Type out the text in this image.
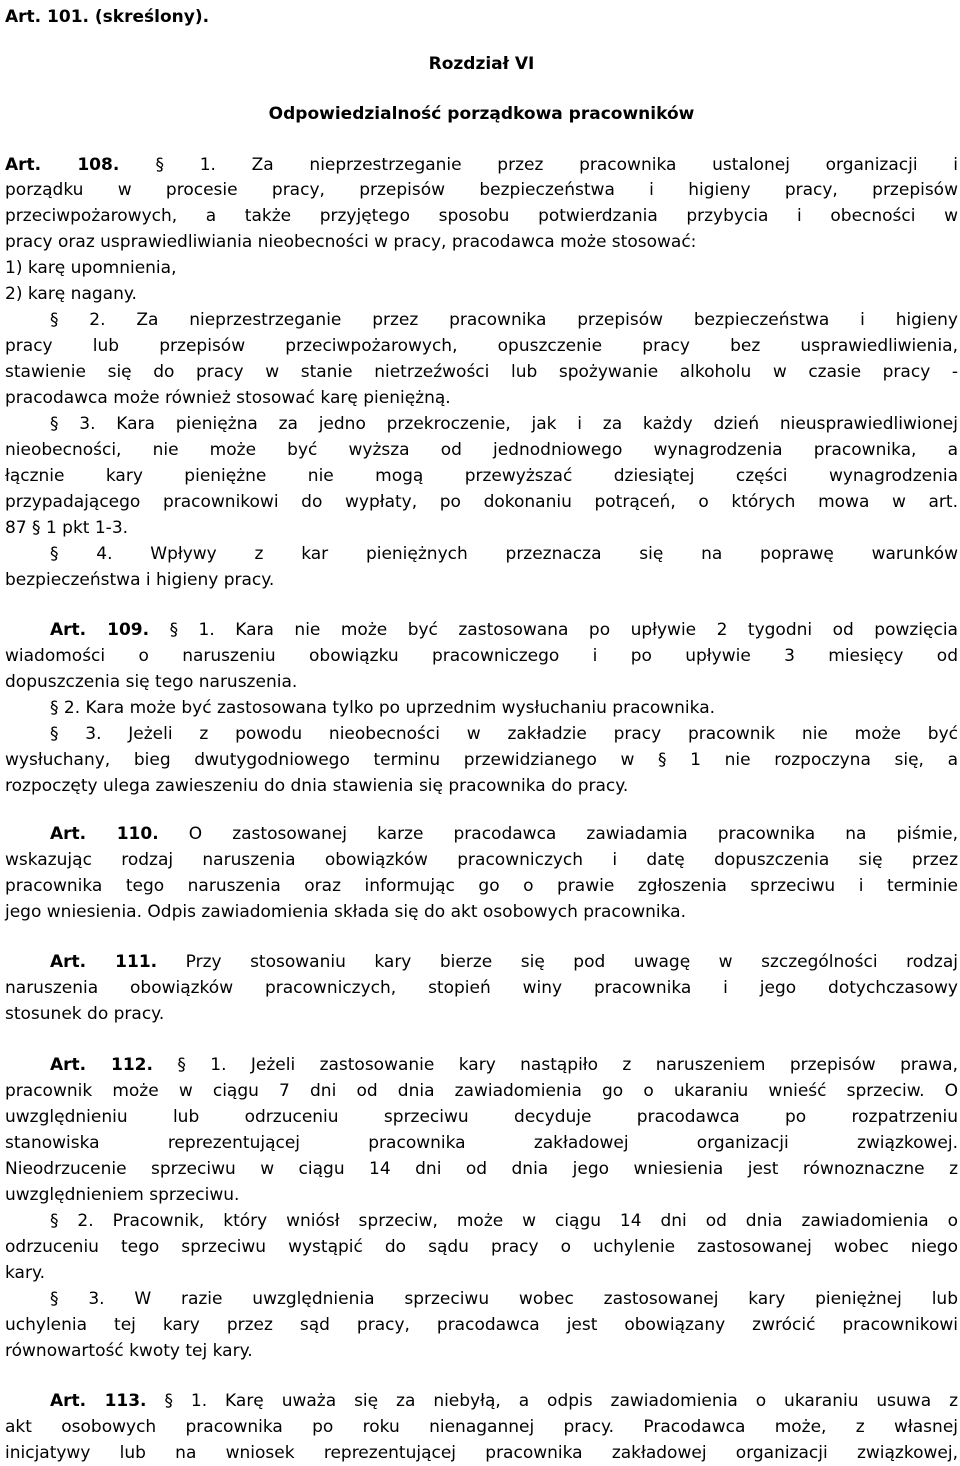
Art. 101. (skreślony).
Rozdział VI
Odpowiedzialność porządkowa pracowników
Art. 108. § 1. Za nieprzestrzeganie przez pracownika ustalonej organizacji i
porządku w procesie pracy, przepisów bezpieczeństwa i higieny pracy, przepisów
przeciwpożarowych, a także przyjętego sposobu potwierdzania przybycia i obecności w
pracy oraz usprawiedliwiania nieobecności w pracy, pracodawca może stosować:
1) karę upomnienia,
2) karę nagany.
§ 2. Za nieprzestrzeganie przez pracownika przepisów bezpieczeństwa i higieny
pracy lub przepisów przeciwpożarowych, opuszczenie pracy bez usprawiedliwienia,
stawienie się do pracy w stanie nietrzeźwości lub spożywanie alkoholu w czasie pracy -
pracodawca może również stosować karę pieniężną.
§ 3. Kara pieniężna za jedno przekroczenie, jak i za każdy dzień nieusprawiedliwionej
nieobecności, nie może być wyższa od jednodniowego wynagrodzenia pracownika, a
łącznie kary pieniężne nie mogą przewyższać dziesiątej części wynagrodzenia
przypadającego pracownikowi do wypłaty, po dokonaniu potrąceń, o których mowa w art.
87 § 1 pkt 1-3.
§ 4. Wpływy z kar pieniężnych przeznacza się na poprawę warunków
bezpieczeństwa i higieny pracy.
Art. 109. § 1. Kara nie może być zastosowana po upływie 2 tygodni od powzięcia
wiadomości o naruszeniu obowiązku pracowniczego i po upływie 3 miesięcy od
dopuszczenia się tego naruszenia.
§ 2. Kara może być zastosowana tylko po uprzednim wysłuchaniu pracownika.
§ 3. Jeżeli z powodu nieobecności w zakładzie pracy pracownik nie może być
wysłuchany, bieg dwutygodniowego terminu przewidzianego w § 1 nie rozpoczyna się, a
rozpoczęty ulega zawieszeniu do dnia stawienia się pracownika do pracy.
Art. 110. O zastosowanej karze pracodawca zawiadamia pracownika na piśmie,
wskazując rodzaj naruszenia obowiązków pracowniczych i datę dopuszczenia się przez
pracownika tego naruszenia oraz informując go o prawie zgłoszenia sprzeciwu i terminie
jego wniesienia. Odpis zawiadomienia składa się do akt osobowych pracownika.
Art. 111. Przy stosowaniu kary bierze się pod uwagę w szczególności rodzaj
naruszenia obowiązków pracowniczych, stopień winy pracownika i jego dotychczasowy
stosunek do pracy.
Art. 112. § 1. Jeżeli zastosowanie kary nastąpiło z naruszeniem przepisów prawa,
pracownik może w ciągu 7 dni od dnia zawiadomienia go o ukaraniu wnieść sprzeciw. O
uwzględnieniu lub odrzuceniu sprzeciwu decyduje pracodawca po rozpatrzeniu
stanowiska reprezentującej pracownika zakładowej organizacji związkowej.
Nieodrzucenie sprzeciwu w ciągu 14 dni od dnia jego wniesienia jest równoznaczne z
uwzględnieniem sprzeciwu.
§ 2. Pracownik, który wniósł sprzeciw, może w ciągu 14 dni od dnia zawiadomienia o
odrzuceniu tego sprzeciwu wystąpić do sądu pracy o uchylenie zastosowanej wobec niego
kary.
§ 3. W razie uwzględnienia sprzeciwu wobec zastosowanej kary pieniężnej lub
uchylenia tej kary przez sąd pracy, pracodawca jest obowiązany zwrócić pracownikowi
równowartość kwoty tej kary.
Art. 113. § 1. Karę uważa się za niebyłą, a odpis zawiadomienia o ukaraniu usuwa z
akt osobowych pracownika po roku nienagannej pracy. Pracodawca może, z własnej
inicjatywy lub na wniosek reprezentującej pracownika zakładowej organizacji związkowej,
